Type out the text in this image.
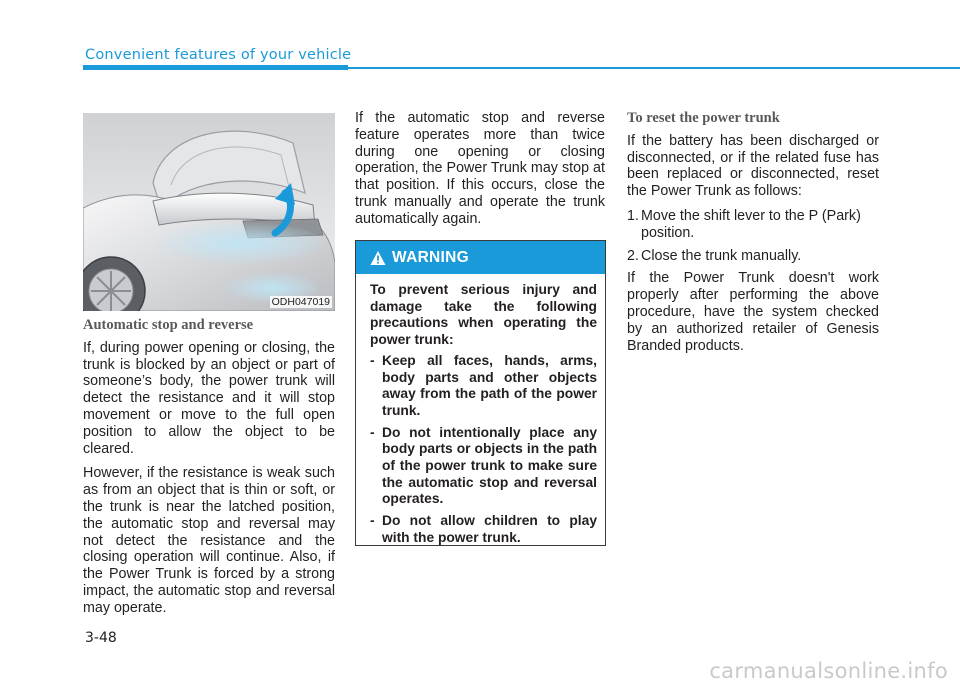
Convenient features of your vehicle
ODH047019
Automatic stop and reverse

If, during power opening or closing, the trunk is blocked by an object or part of someone’s body, the power trunk will detect the resistance and it will stop movement or move to the full open position to allow the object to be cleared.

However, if the resistance is weak such as from an object that is thin or soft, or the trunk is near the latched position, the automatic stop and reversal may not detect the resistance and the closing operation will continue. Also, if the Power Trunk is forced by a strong impact, the automatic stop and reversal may operate.

If the automatic stop and reverse feature operates more than twice during one opening or closing operation, the Power Trunk may stop at that position. If this occurs, close the trunk manually and operate the trunk automatically again.

WARNING
To prevent serious injury and damage take the following precautions when operating the power trunk:
- Keep all faces, hands, arms, body parts and other objects away from the path of the power trunk.
- Do not intentionally place any body parts or objects in the path of the power trunk to make sure the automatic stop and reversal operates.
- Do not allow children to play with the power trunk.
To reset the power trunk

If the battery has been discharged or disconnected, or if the related fuse has been replaced or disconnected, reset the Power Trunk as follows:

1. Move the shift lever to the P (Park) position.
2. Close the trunk manually.

If the Power Trunk doesn't work properly after performing the above procedure, have the system checked by an authorized retailer of Genesis Branded products.

3-48
carmanualsonline.info
